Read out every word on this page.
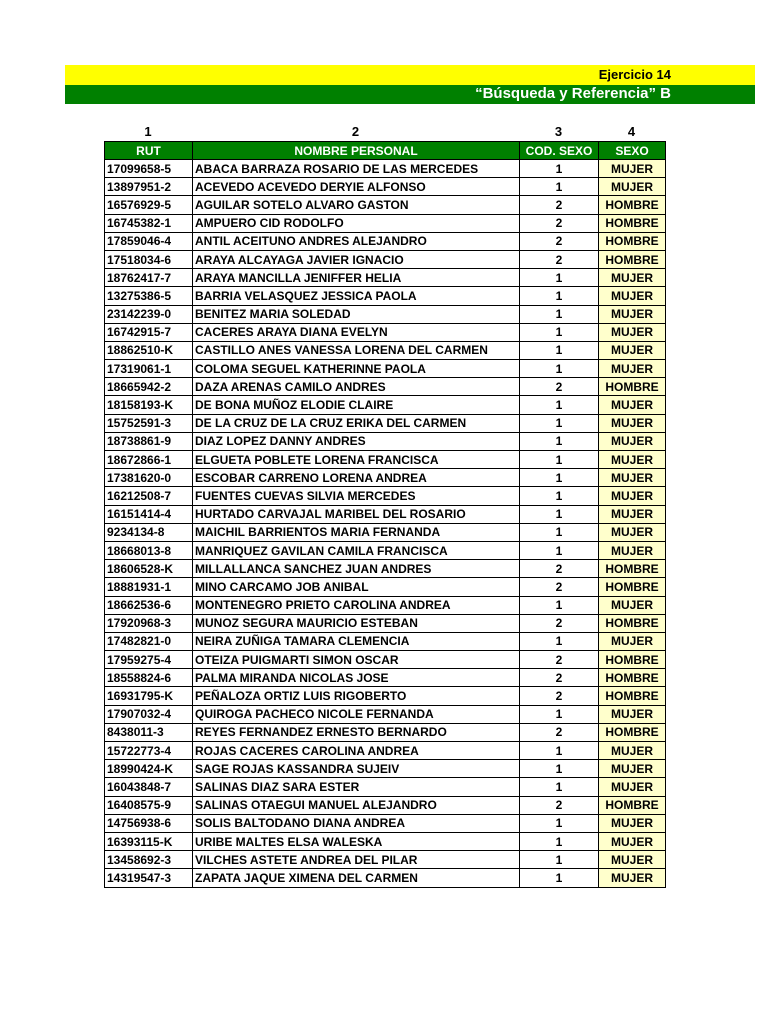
Ejercicio 14
“Búsqueda y Referencia” B
1	2	3	4
RUT	NOMBRE PERSONAL	COD. SEXO	SEXO
17099658-5	ABACA BARRAZA ROSARIO DE LAS MERCEDES	1	MUJER
13897951-2	ACEVEDO ACEVEDO DERYIE ALFONSO	1	MUJER
16576929-5	AGUILAR SOTELO ALVARO GASTON	2	HOMBRE
16745382-1	AMPUERO CID RODOLFO	2	HOMBRE
17859046-4	ANTIL ACEITUNO ANDRES ALEJANDRO	2	HOMBRE
17518034-6	ARAYA ALCAYAGA JAVIER IGNACIO	2	HOMBRE
18762417-7	ARAYA MANCILLA JENIFFER HELIA	1	MUJER
13275386-5	BARRIA VELASQUEZ JESSICA PAOLA	1	MUJER
23142239-0	BENITEZ MARIA SOLEDAD	1	MUJER
16742915-7	CACERES ARAYA DIANA EVELYN	1	MUJER
18862510-K	CASTILLO ANES VANESSA LORENA DEL CARMEN	1	MUJER
17319061-1	COLOMA SEGUEL KATHERINNE PAOLA	1	MUJER
18665942-2	DAZA ARENAS CAMILO ANDRES	2	HOMBRE
18158193-K	DE BONA MUÑOZ ELODIE CLAIRE	1	MUJER
15752591-3	DE LA CRUZ DE LA CRUZ ERIKA DEL CARMEN	1	MUJER
18738861-9	DIAZ LOPEZ DANNY ANDRES	1	MUJER
18672866-1	ELGUETA POBLETE LORENA FRANCISCA	1	MUJER
17381620-0	ESCOBAR CARRENO LORENA ANDREA	1	MUJER
16212508-7	FUENTES CUEVAS SILVIA MERCEDES	1	MUJER
16151414-4	HURTADO CARVAJAL MARIBEL DEL ROSARIO	1	MUJER
9234134-8	MAICHIL BARRIENTOS MARIA FERNANDA	1	MUJER
18668013-8	MANRIQUEZ GAVILAN CAMILA FRANCISCA	1	MUJER
18606528-K	MILLALLANCA SANCHEZ JUAN ANDRES	2	HOMBRE
18881931-1	MINO CARCAMO JOB ANIBAL	2	HOMBRE
18662536-6	MONTENEGRO PRIETO CAROLINA ANDREA	1	MUJER
17920968-3	MUNOZ SEGURA MAURICIO ESTEBAN	2	HOMBRE
17482821-0	NEIRA ZUÑIGA TAMARA CLEMENCIA	1	MUJER
17959275-4	OTEIZA PUIGMARTI SIMON OSCAR	2	HOMBRE
18558824-6	PALMA MIRANDA NICOLAS JOSE	2	HOMBRE
16931795-K	PEÑALOZA ORTIZ LUIS RIGOBERTO	2	HOMBRE
17907032-4	QUIROGA PACHECO NICOLE FERNANDA	1	MUJER
8438011-3	REYES FERNANDEZ ERNESTO BERNARDO	2	HOMBRE
15722773-4	ROJAS CACERES CAROLINA ANDREA	1	MUJER
18990424-K	SAGE ROJAS KASSANDRA SUJEIV	1	MUJER
16043848-7	SALINAS DIAZ SARA ESTER	1	MUJER
16408575-9	SALINAS OTAEGUI MANUEL ALEJANDRO	2	HOMBRE
14756938-6	SOLIS BALTODANO DIANA ANDREA	1	MUJER
16393115-K	URIBE MALTES ELSA WALESKA	1	MUJER
13458692-3	VILCHES ASTETE ANDREA DEL PILAR	1	MUJER
14319547-3	ZAPATA JAQUE XIMENA DEL CARMEN	1	MUJER
